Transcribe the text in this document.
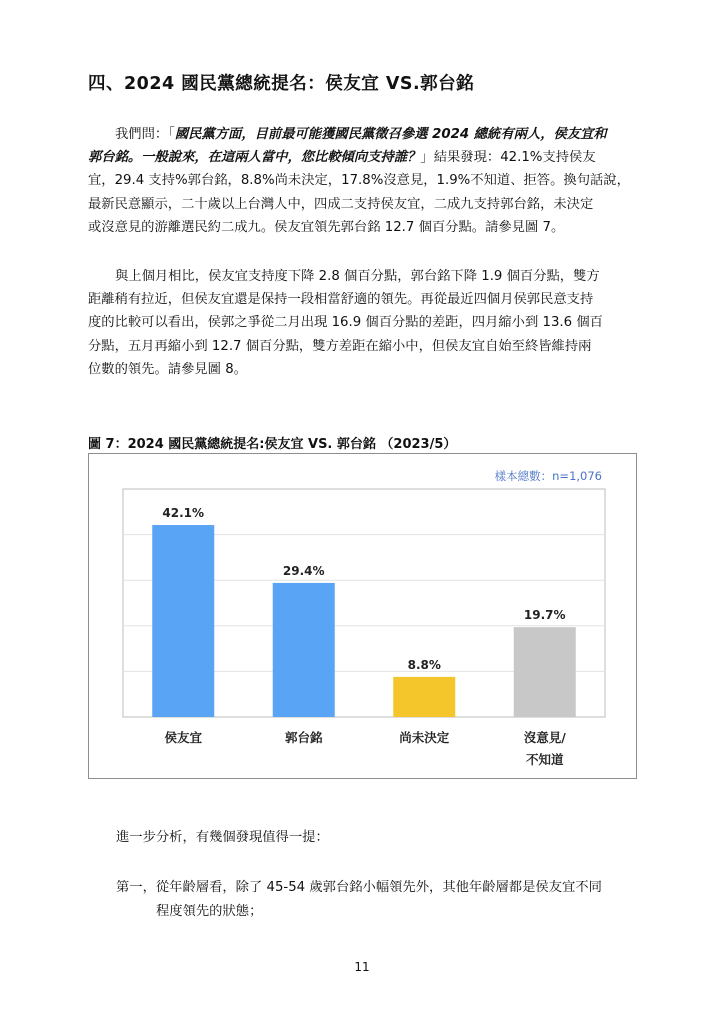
四、2024 國民黨總統提名：侯友宜 VS.郭台銘

我們問：「國民黨方面，目前最可能獲國民黨徵召參選 2024 總統有兩人，侯友宜和

郭台銘。一般說來，在這兩人當中，您比較傾向支持誰？」結果發現：42.1%支持侯友

宜，29.4 支持%郭台銘，8.8%尚未決定，17.8%沒意見，1.9%不知道、拒答。換句話說，

最新民意顯示，二十歲以上台灣人中，四成二支持侯友宜，二成九支持郭台銘，未決定

或沒意見的游離選民約二成九。侯友宜領先郭台銘 12.7 個百分點。請參見圖 7。

與上個月相比，侯友宜支持度下降 2.8 個百分點，郭台銘下降 1.9 個百分點，雙方

距離稍有拉近，但侯友宜還是保持一段相當舒適的領先。再從最近四個月侯郭民意支持

度的比較可以看出，侯郭之爭從二月出現 16.9 個百分點的差距，四月縮小到 13.6 個百

分點，五月再縮小到 12.7 個百分點，雙方差距在縮小中，但侯友宜自始至終皆維持兩

位數的領先。請參見圖 8。

圖 7：2024 國民黨總統提名:侯友宜 VS. 郭台銘 （2023/5）
樣本總數：n=1,076
42.1%
侯友宜
29.4%
郭台銘
8.8%
尚未決定
19.7%
沒意見/
不知道
進一步分析，有幾個發現值得一提：
第一，從年齡層看，除了 45-54 歲郭台銘小幅領先外，其他年齡層都是侯友宜不同
程度領先的狀態；
11
